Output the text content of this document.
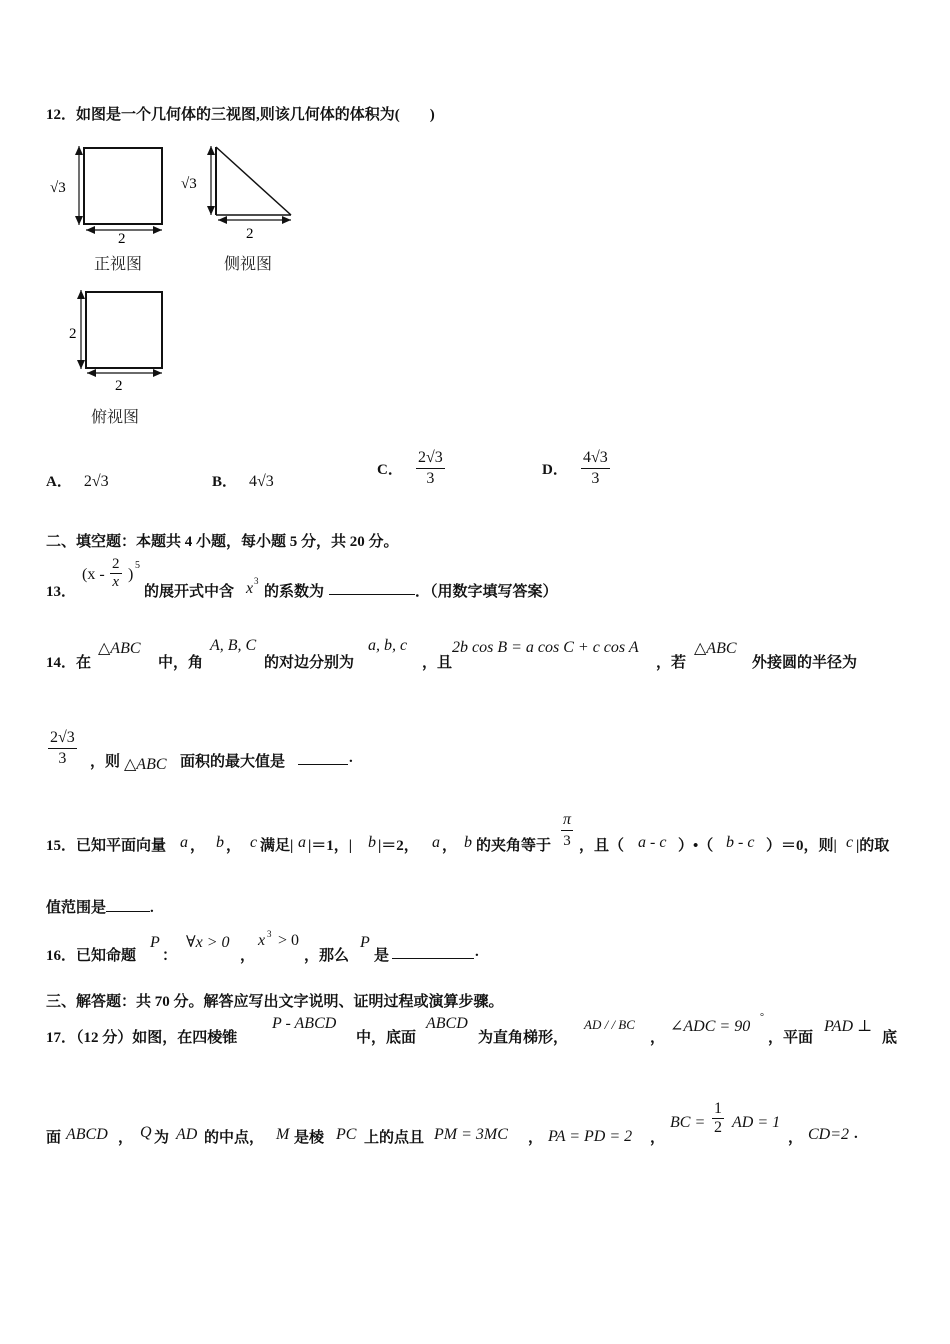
12．如图是一个几何体的三视图,则该几何体的体积为(　　)
√3
2
正视图
√3
2
侧视图
2
2
俯视图
A． 2√3	B． 4√3
C． $\frac{2√3}{3}$	D． $\frac{4√3}{3}$
二、填空题：本题共 4 小题，每小题 5 分，共 20 分。
13．
($x - \frac{2}{x}$ )
5
的展开式中含 x 3
的系数为	．（用数字填写答案）
14．在
△ABC
中，角
A, B, C
的对边分别为
a, b, c
，且
2b cos B = a cos C + c cos A
，若
△ABC
外接圆的半径为
$\frac{2√3}{3}$ ，则 △ABC 面积的最大值是	.
15．已知平面向量 a ， b ， c 满足| a |＝1，| b |＝2， a ， b 的夹角等于 $\frac{\pi}{3}$ ，且（ a - c ）•（ b - c ）＝0，则| c |的取
值范围是	.
16．已知命题
P
：
∀x > 0
，
x 3 > 0
，那么
P
是	.
三、解答题：共 70 分。解答应写出文字说明、证明过程或演算步骤。
17．（12 分）如图，在四棱锥
P - ABCD
中，底面
ABCD
为直角梯形，
AD / / BC
，
∠ADC = 90
°
，平面
PAD ⊥
底
面 ABCD ， Q 为 AD 的中点， M 是棱 PC 上的点且 PM = 3MC ， PA = PD = 2 ，
BC = $\frac{1}{2}$ AD = 1
， CD=2 .
